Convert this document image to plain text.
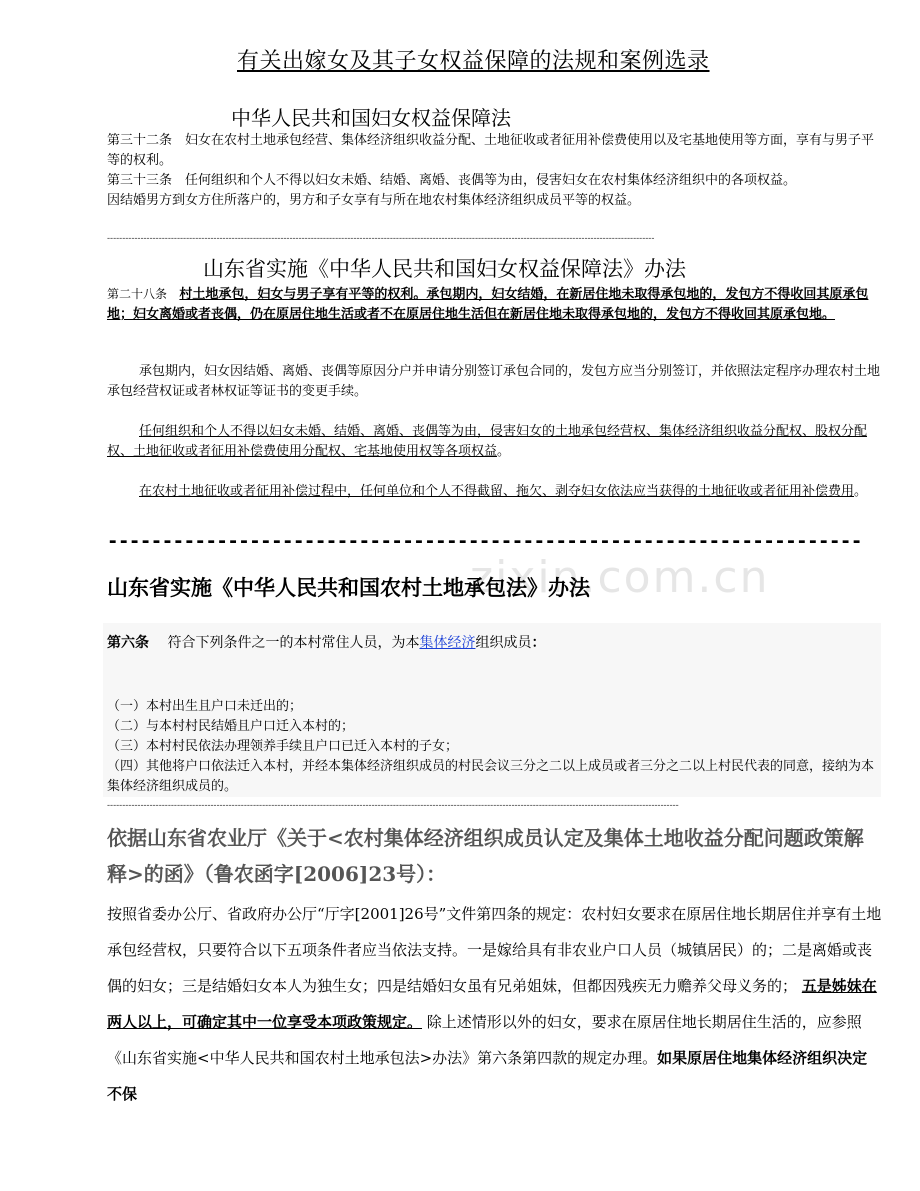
有关出嫁女及其子女权益保障的法规和案例选录
中华人民共和国妇女权益保障法
第三十二条　妇女在农村土地承包经营、集体经济组织收益分配、土地征收或者征用补偿费使用以及宅基地使用等方面，享有与男子平等的权利。
第三十三条　任何组织和个人不得以妇女未婚、结婚、离婚、丧偶等为由，侵害妇女在农村集体经济组织中的各项权益。
因结婚男方到女方住所落户的，男方和子女享有与所在地农村集体经济组织成员平等的权益。
------------------------------------------------------------------------------------------------------------------------------------------------------------------------------------
山东省实施《中华人民共和国妇女权益保障法》办法
第二十八条 村土地承包，妇女与男子享有平等的权利。承包期内，妇女结婚，在新居住地未取得承包地的，发包方不得收回其原承包地；妇女离婚或者丧偶，仍在原居住地生活或者不在原居住地生活但在新居住地未取得承包地的，发包方不得收回其原承包地。
承包期内，妇女因结婚、离婚、丧偶等原因分户并申请分别签订承包合同的，发包方应当分别签订，并依照法定程序办理农村土地承包经营权证或者林权证等证书的变更手续。
任何组织和个人不得以妇女未婚、结婚、离婚、丧偶等为由，侵害妇女的土地承包经营权、集体经济组织收益分配权、股权分配权、土地征收或者征用补偿费使用分配权、宅基地使用权等各项权益。
在农村土地征收或者征用补偿过程中，任何单位和个人不得截留、拖欠、剥夺妇女依法应当获得的土地征收或者征用补偿费用。
---------------------------------------------------------------------
zixin.com.cn
山东省实施《中华人民共和国农村土地承包法》办法
第六条　 符合下列条件之一的本村常住人员，为本集体经济组织成员：
（一）本村出生且户口未迁出的；
（二）与本村村民结婚且户口迁入本村的；
（三）本村村民依法办理领养手续且户口已迁入本村的子女；
（四）其他将户口依法迁入本村，并经本集体经济组织成员的村民会议三分之二以上成员或者三分之二以上村民代表的同意，接纳为本集体经济组织成员的。
--------------------------------------------------------------------------------------------------------------------------------------------------------------------------------------------
依据山东省农业厅《关于<农村集体经济组织成员认定及集体土地收益分配问题政策解释>的函》（鲁农函字[2006]23号）：
按照省委办公厅、省政府办公厅“厅字[2001]26号”文件第四条的规定：农村妇女要求在原居住地长期居住并享有土地承包经营权，只要符合以下五项条件者应当依法支持。一是嫁给具有非农业户口人员（城镇居民）的；二是离婚或丧偶的妇女；三是结婚妇女本人为独生女；四是结婚妇女虽有兄弟姐妹，但都因残疾无力赡养父母义务的； 五是姊妹在两人以上，可确定其中一位享受本项政策规定。 除上述情形以外的妇女，要求在原居住地长期居住生活的，应参照《山东省实施<中华人民共和国农村土地承包法>办法》第六条第四款的规定办理。如果原居住地集体经济组织决定不保
